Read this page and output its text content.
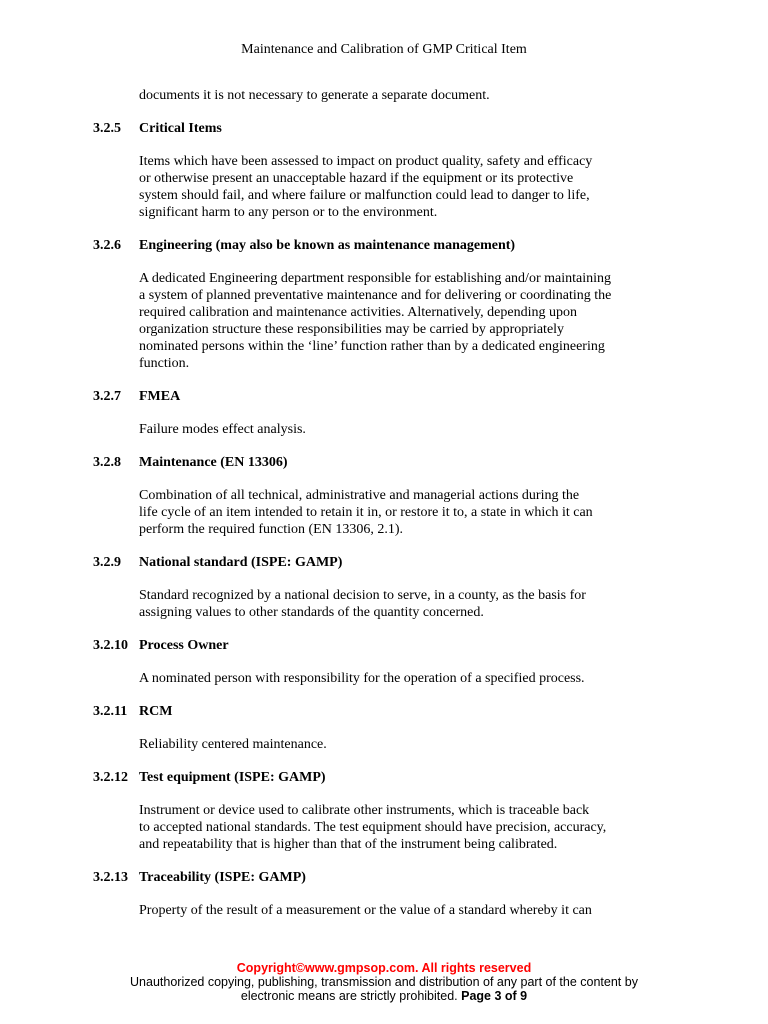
Maintenance and Calibration of GMP Critical Item
documents it is not necessary to generate a separate document.
3.2.5 Critical Items
Items which have been assessed to impact on product quality, safety and efficacy
or otherwise present an unacceptable hazard if the equipment or its protective
system should fail, and where failure or malfunction could lead to danger to life,
significant harm to any person or to the environment.
3.2.6 Engineering (may also be known as maintenance management)
A dedicated Engineering department responsible for establishing and/or maintaining
a system of planned preventative maintenance and for delivering or coordinating the
required calibration and maintenance activities. Alternatively, depending upon
organization structure these responsibilities may be carried by appropriately
nominated persons within the ‘line’ function rather than by a dedicated engineering
function.
3.2.7 FMEA
Failure modes effect analysis.
3.2.8 Maintenance (EN 13306)
Combination of all technical, administrative and managerial actions during the
life cycle of an item intended to retain it in, or restore it to, a state in which it can
perform the required function (EN 13306, 2.1).
3.2.9 National standard (ISPE: GAMP)
Standard recognized by a national decision to serve, in a county, as the basis for
assigning values to other standards of the quantity concerned.
3.2.10 Process Owner
A nominated person with responsibility for the operation of a specified process.
3.2.11 RCM
Reliability centered maintenance.
3.2.12 Test equipment (ISPE: GAMP)
Instrument or device used to calibrate other instruments, which is traceable back
to accepted national standards. The test equipment should have precision, accuracy,
and repeatability that is higher than that of the instrument being calibrated.
3.2.13 Traceability (ISPE: GAMP)
Property of the result of a measurement or the value of a standard whereby it can
Copyright©www.gmpsop.com. All rights reserved
Unauthorized copying, publishing, transmission and distribution of any part of the content by
electronic means are strictly prohibited. Page 3 of 9
